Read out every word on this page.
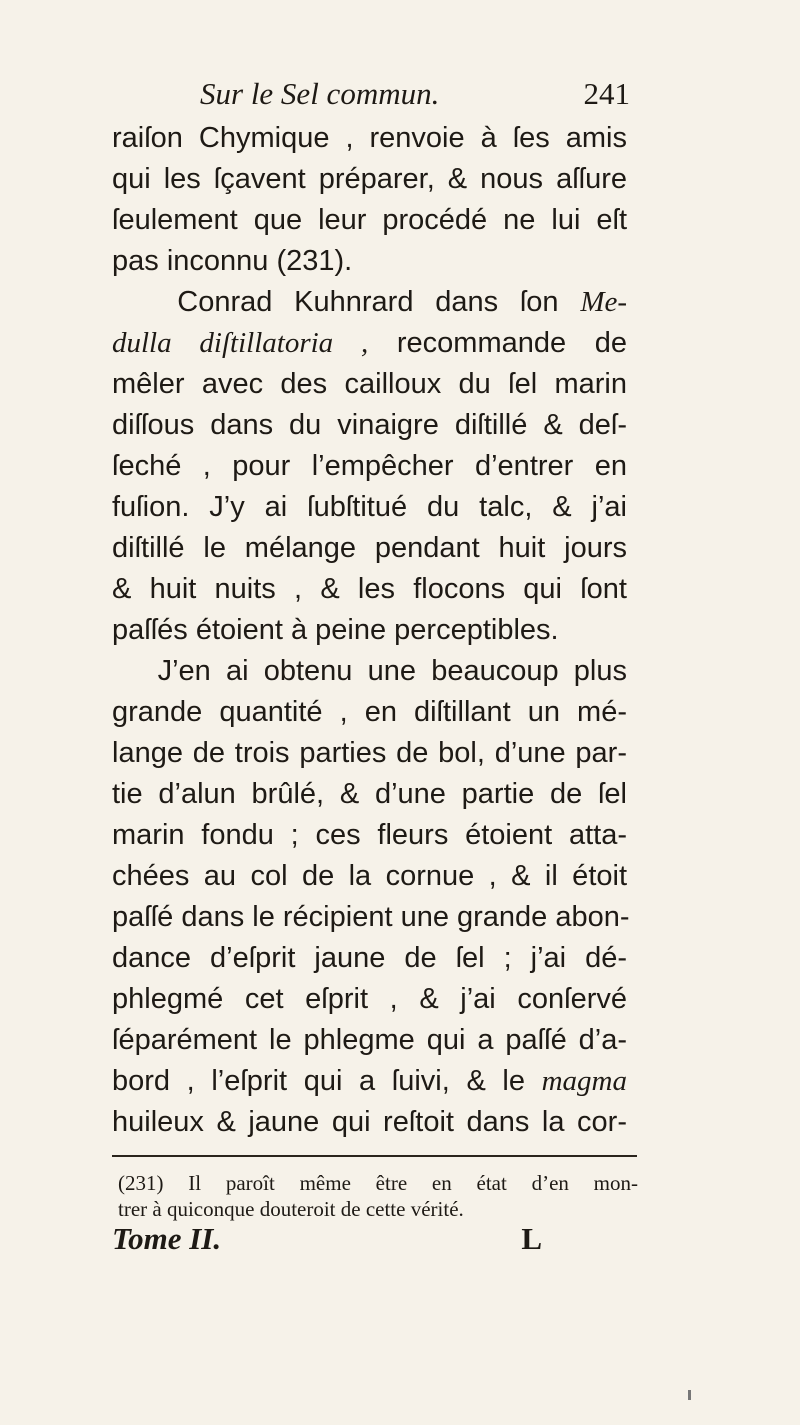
Sur le Sel commun.	241
raiſon Chymique , renvoie à ſes amis
qui les ſçavent préparer, & nous aſſure
ſeulement que leur procédé ne lui eſt
pas inconnu (231).
Conrad Kuhnrard dans ſon Me-
dulla diſtillatoria , recommande de
mêler avec des cailloux du ſel marin
diſſous dans du vinaigre diſtillé & deſ-
ſeché , pour l’empêcher d’entrer en
fuſion. J’y ai ſubſtitué du talc, & j’ai
diſtillé le mélange pendant huit jours
& huit nuits , & les flocons qui ſont
paſſés étoient à peine perceptibles.
J’en ai obtenu une beaucoup plus
grande quantité , en diſtillant un mé-
lange de trois parties de bol, d’une par-
tie d’alun brûlé, & d’une partie de ſel
marin fondu ; ces fleurs étoient atta-
chées au col de la cornue , & il étoit
paſſé dans le récipient une grande abon-
dance d’eſprit jaune de ſel ; j’ai dé-
phlegmé cet eſprit , & j’ai conſervé
ſéparément le phlegme qui a paſſé d’a-
bord , l’eſprit qui a ſuivi, & le magma
huileux & jaune qui reſtoit dans la cor-
(231) Il paroît même être en état d’en mon-
trer à quiconque douteroit de cette vérité.
Tome II.	L
